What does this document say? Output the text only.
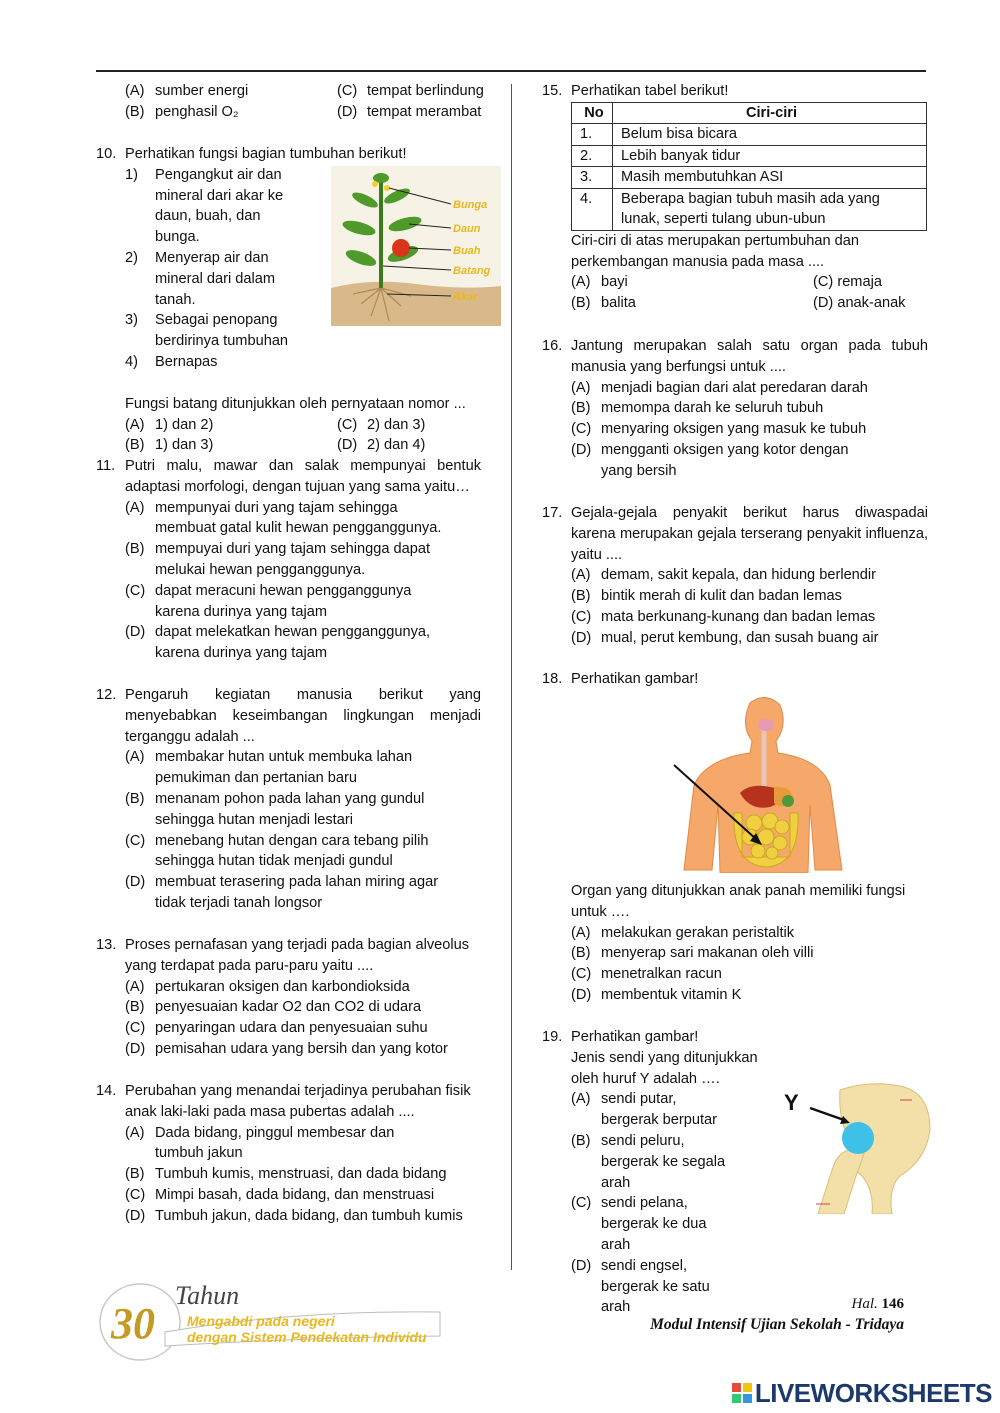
(A) sumber energi	(C) tempat berlindung
(B) penghasil O₂	(D) tempat merambat
10. Perhatikan fungsi bagian tumbuhan berikut!
1) Pengangkut air dan mineral dari akar ke daun, buah, dan bunga.
2) Menyerap air dan mineral dari dalam tanah.
3) Sebagai penopang berdirinya tumbuhan
4) Bernapas
Fungsi batang ditunjukkan oleh pernyataan nomor ...
(A) 1) dan 2)	(C) 2) dan 3)
(B) 1) dan 3)	(D) 2) dan 4)
Bunga
Daun
Buah
Batang
Akar
11. Putri malu, mawar dan salak mempunyai bentuk adaptasi morfologi, dengan tujuan yang sama yaitu…
(A) mempunyai duri yang tajam sehingga membuat gatal kulit hewan pengganggunya.
(B) mempuyai duri yang tajam sehingga dapat melukai hewan pengganggunya.
(C) dapat meracuni hewan pengganggunya karena durinya yang tajam
(D) dapat melekatkan hewan pengganggunya, karena durinya yang tajam
12. Pengaruh kegiatan manusia berikut yang menyebabkan keseimbangan lingkungan menjadi terganggu adalah ...
(A) membakar hutan untuk membuka lahan pemukiman dan pertanian baru
(B) menanam pohon pada lahan yang gundul sehingga hutan menjadi lestari
(C) menebang hutan dengan cara tebang pilih sehingga hutan tidak menjadi gundul
(D) membuat terasering pada lahan miring agar tidak terjadi tanah longsor
13. Proses pernafasan yang terjadi pada bagian alveolus yang terdapat pada paru-paru yaitu ....
(A) pertukaran oksigen dan karbondioksida
(B) penyesuaian kadar O2 dan CO2 di udara
(C) penyaringan udara dan penyesuaian suhu
(D) pemisahan udara yang bersih dan yang kotor
14. Perubahan yang menandai terjadinya perubahan fisik anak laki-laki pada masa pubertas adalah ....
(A) Dada bidang, pinggul membesar dan tumbuh jakun
(B) Tumbuh kumis, menstruasi, dan dada bidang
(C) Mimpi basah, dada bidang, dan menstruasi
(D) Tumbuh jakun, dada bidang, dan tumbuh kumis
15. Perhatikan tabel berikut!
No	Ciri-ciri
1.	Belum bisa bicara
2.	Lebih banyak tidur
3.	Masih membutuhkan ASI
4.	Beberapa bagian tubuh masih ada yang lunak, seperti tulang ubun-ubun
Ciri-ciri di atas merupakan pertumbuhan dan perkembangan manusia pada masa ....
(A) bayi	(C) remaja
(B) balita	(D) anak-anak
16. Jantung merupakan salah satu organ pada tubuh manusia yang berfungsi untuk ....
(A) menjadi bagian dari alat peredaran darah
(B) memompa darah ke seluruh tubuh
(C) menyaring oksigen yang masuk ke tubuh
(D) mengganti oksigen yang kotor dengan yang bersih
17. Gejala-gejala penyakit berikut harus diwaspadai karena merupakan gejala terserang penyakit influenza, yaitu ....
(A) demam, sakit kepala, dan hidung berlendir
(B) bintik merah di kulit dan badan lemas
(C) mata berkunang-kunang dan badan lemas
(D) mual, perut kembung, dan susah buang air
18. Perhatikan gambar!
Organ yang ditunjukkan anak panah memiliki fungsi untuk ….
(A) melakukan gerakan peristaltik
(B) menyerap sari makanan oleh villi
(C) menetralkan racun
(D) membentuk vitamin K
19. Perhatikan gambar!
Jenis sendi yang ditunjukkan oleh huruf Y adalah ….
(A) sendi putar, bergerak berputar
(B) sendi peluru, bergerak ke segala arah
(C) sendi pelana, bergerak ke dua arah
(D) sendi engsel, bergerak ke satu arah
Y
30
Tahun
Mengabdi pada negeri
dengan Sistem Pendekatan Individu
Hal. 146
Modul Intensif Ujian Sekolah - Tridaya

LIVEWORKSHEETS
